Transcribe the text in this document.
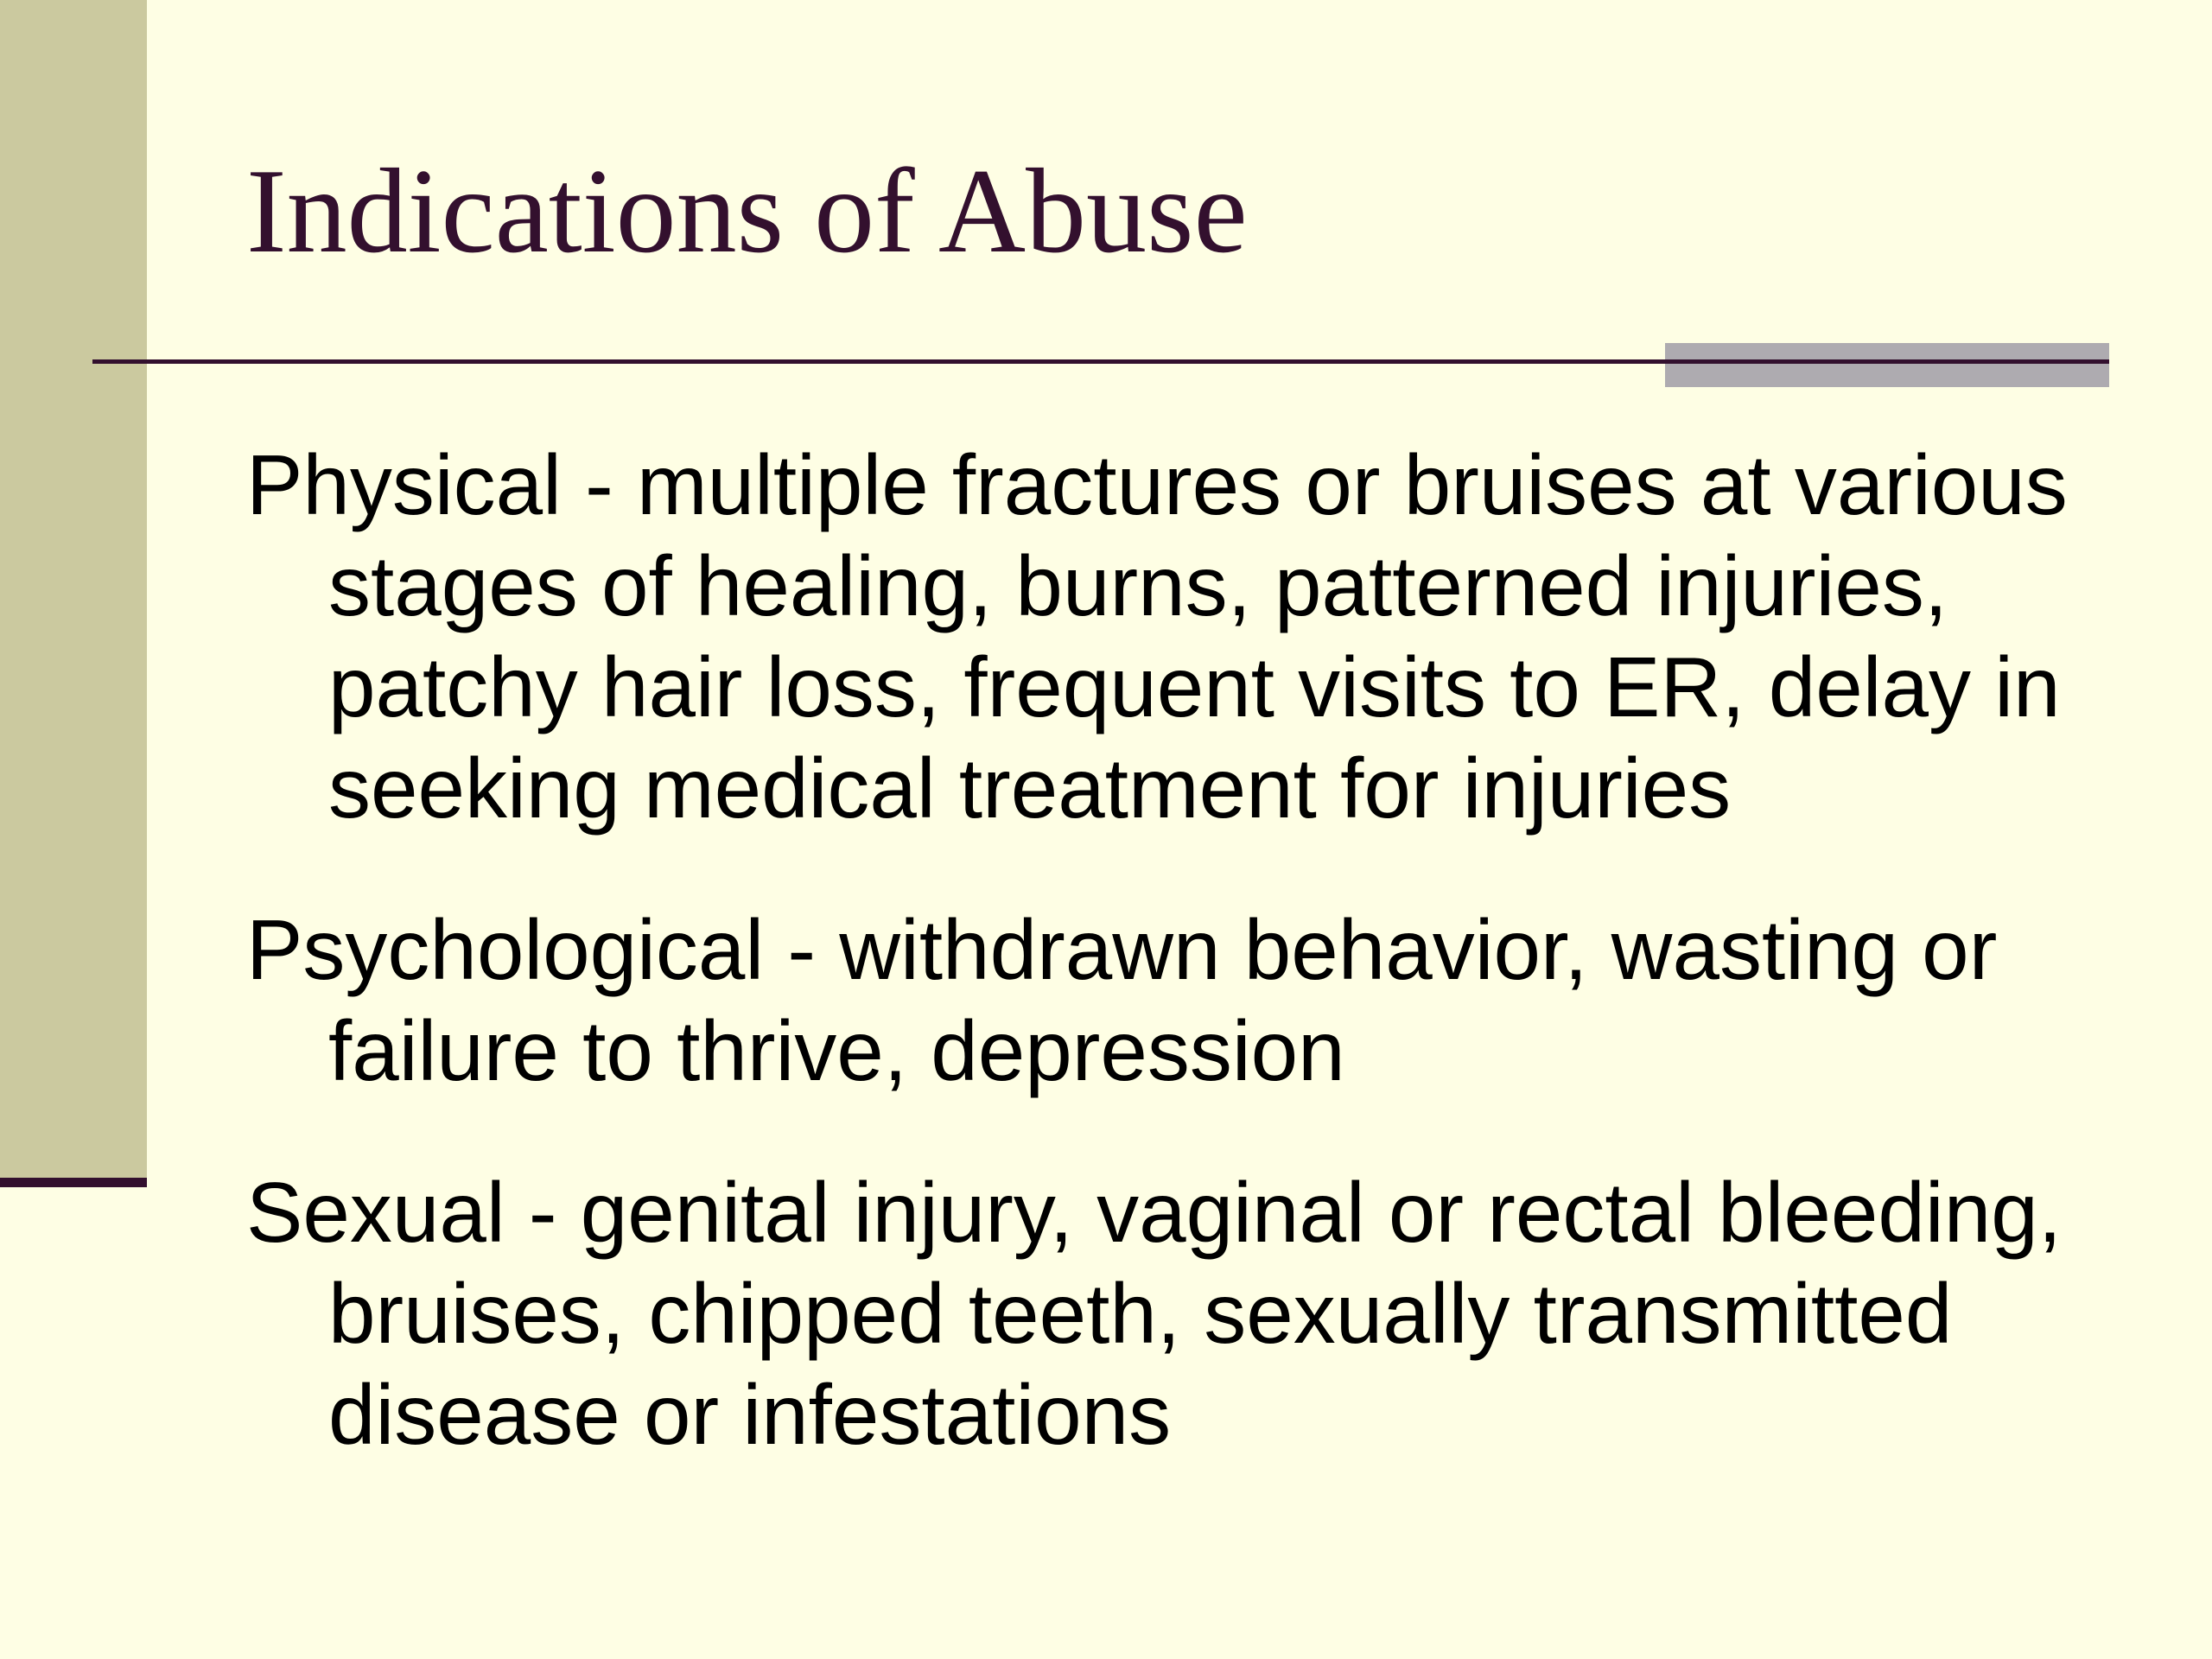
Indications of Abuse
Physical - multiple fractures or bruises at various stages of healing, burns, patterned injuries, patchy hair loss, frequent visits to ER, delay in seeking medical treatment for injuries
Psychological - withdrawn behavior, wasting or failure to thrive, depression
Sexual - genital injury, vaginal or rectal bleeding, bruises, chipped teeth, sexually transmitted disease or infestations
